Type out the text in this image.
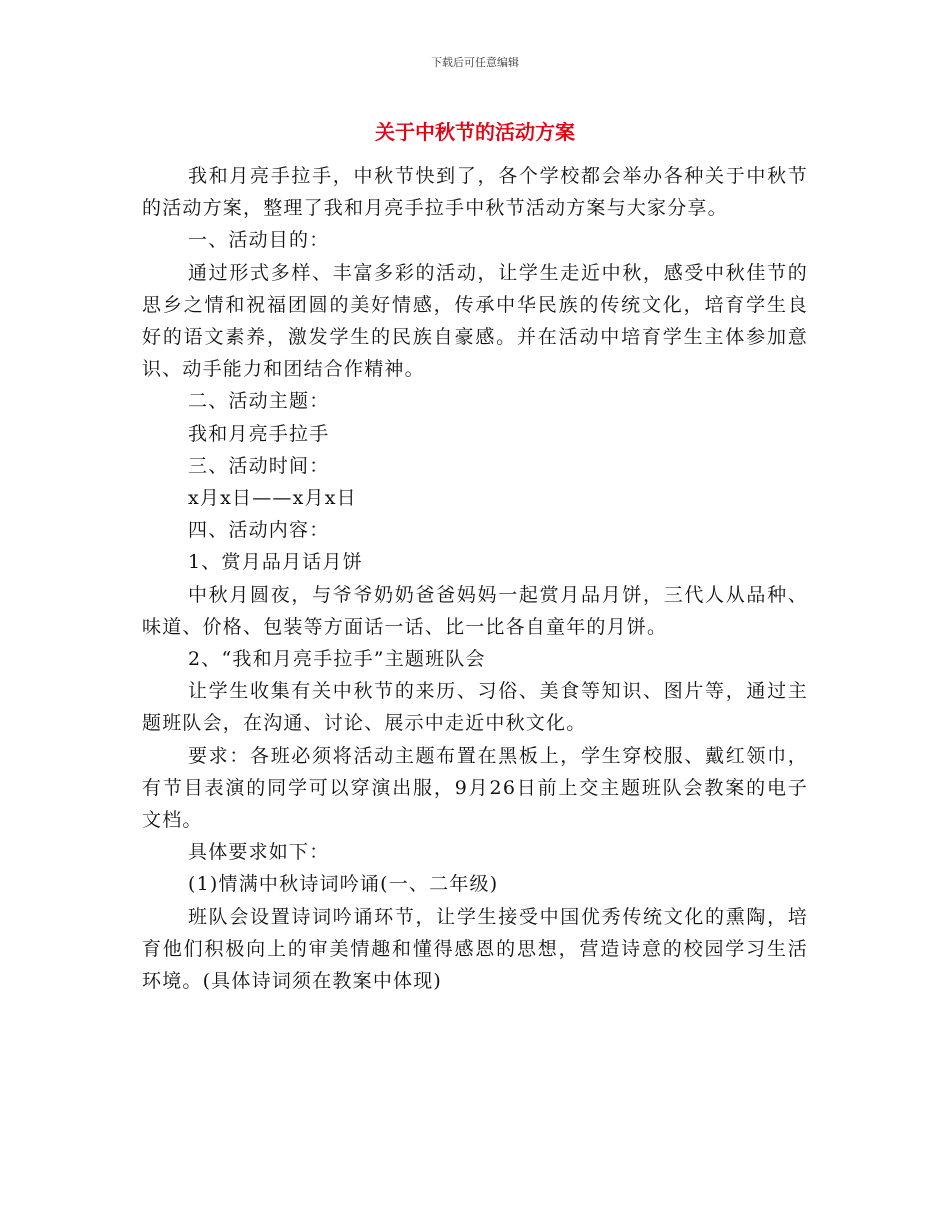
下载后可任意编辑
关于中秋节的活动方案

我和月亮手拉手，中秋节快到了，各个学校都会举办各种关于中秋节的活动方案，整理了我和月亮手拉手中秋节活动方案与大家分享。

一、活动目的：

通过形式多样、丰富多彩的活动，让学生走近中秋，感受中秋佳节的思乡之情和祝福团圆的美好情感，传承中华民族的传统文化，培育学生良好的语文素养，激发学生的民族自豪感。并在活动中培育学生主体参加意识、动手能力和团结合作精神。

二、活动主题：

我和月亮手拉手

三、活动时间：

x月x日——x月x日

四、活动内容：

1、赏月品月话月饼

中秋月圆夜，与爷爷奶奶爸爸妈妈一起赏月品月饼，三代人从品种、味道、价格、包装等方面话一话、比一比各自童年的月饼。

2、“我和月亮手拉手”主题班队会

让学生收集有关中秋节的来历、习俗、美食等知识、图片等，通过主题班队会，在沟通、讨论、展示中走近中秋文化。

要求：各班必须将活动主题布置在黑板上，学生穿校服、戴红领巾，有节目表演的同学可以穿演出服，9月26日前上交主题班队会教案的电子文档。

具体要求如下：

(1)情满中秋诗词吟诵(一、二年级)

班队会设置诗词吟诵环节，让学生接受中国优秀传统文化的熏陶，培育他们积极向上的审美情趣和懂得感恩的思想，营造诗意的校园学习生活环境。(具体诗词须在教案中体现)
